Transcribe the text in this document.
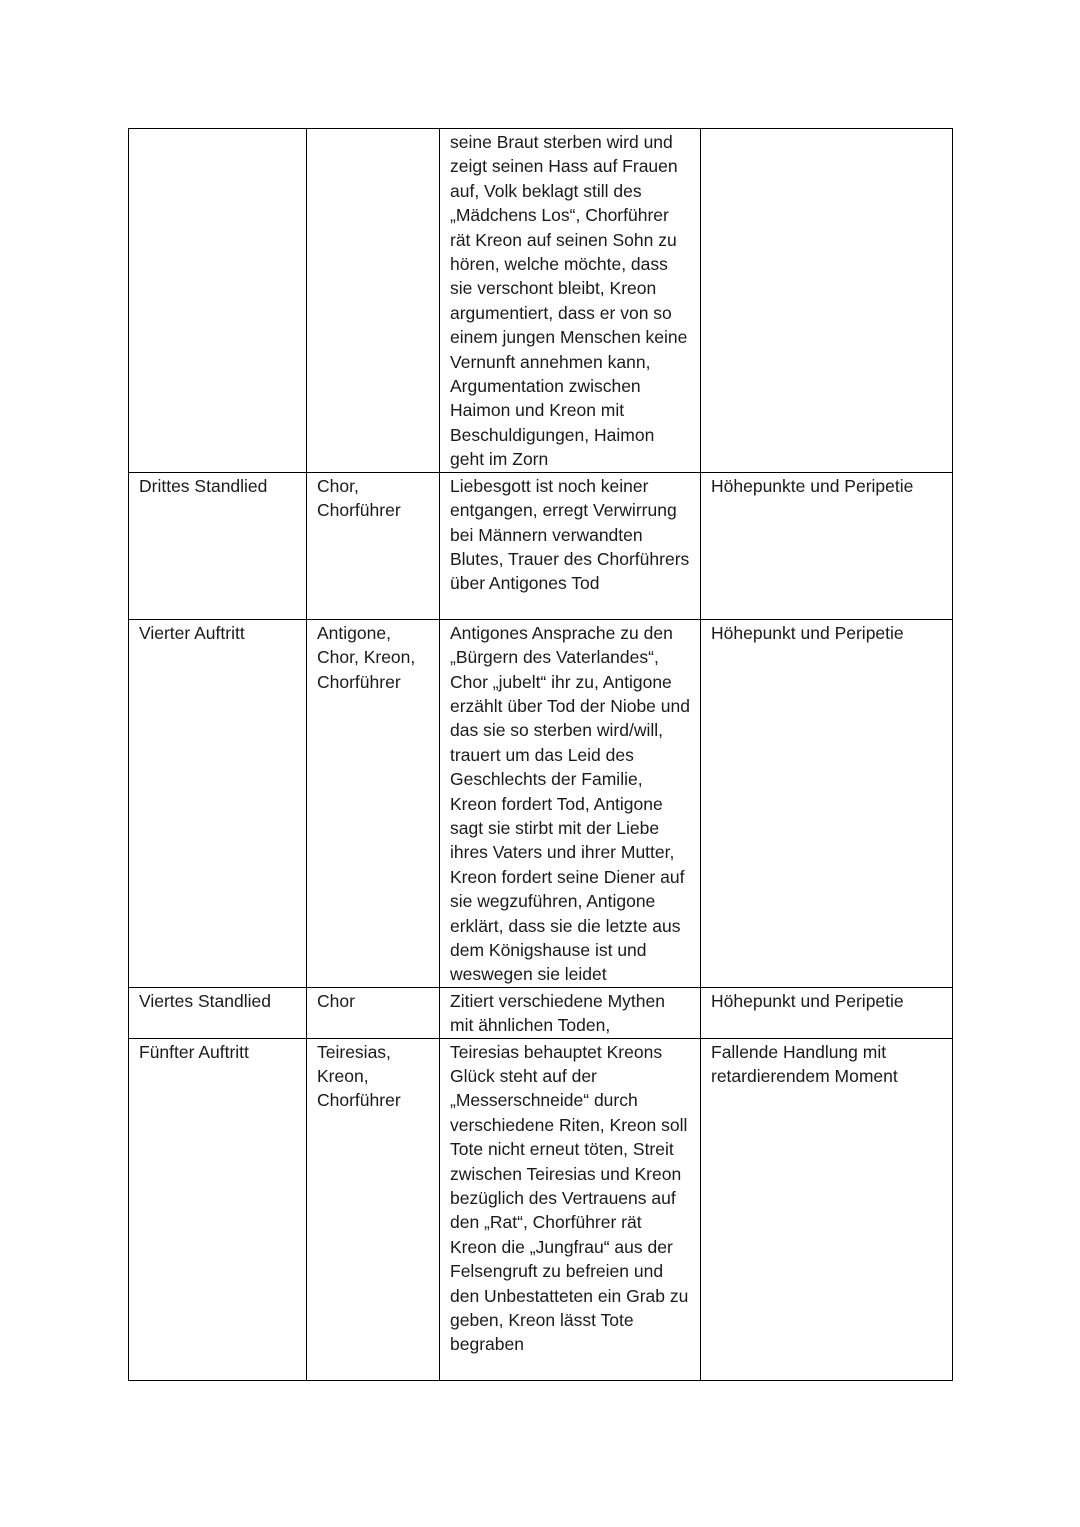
		seine Braut sterben wird und zeigt seinen Hass auf Frauen auf, Volk beklagt still des „Mädchens Los“, Chorführer rät Kreon auf seinen Sohn zu hören, welche möchte, dass sie verschont bleibt, Kreon argumentiert, dass er von so einem jungen Menschen keine Vernunft annehmen kann, Argumentation zwischen Haimon und Kreon mit Beschuldigungen, Haimon geht im Zorn	
Drittes Standlied	Chor, Chorführer	Liebesgott ist noch keiner entgangen, erregt Verwirrung bei Männern verwandten Blutes, Trauer des Chorführers über Antigones Tod	Höhepunkte und Peripetie
Vierter Auftritt	Antigone, Chor, Kreon, Chorführer	Antigones Ansprache zu den „Bürgern des Vaterlandes“, Chor „jubelt“ ihr zu, Antigone erzählt über Tod der Niobe und das sie so sterben wird/will, trauert um das Leid des Geschlechts der Familie, Kreon fordert Tod, Antigone sagt sie stirbt mit der Liebe ihres Vaters und ihrer Mutter, Kreon fordert seine Diener auf sie wegzuführen, Antigone erklärt, dass sie die letzte aus dem Königshause ist und weswegen sie leidet	Höhepunkt und Peripetie
Viertes Standlied	Chor	Zitiert verschiedene Mythen mit ähnlichen Toden,	Höhepunkt und Peripetie
Fünfter Auftritt	Teiresias, Kreon, Chorführer	Teiresias behauptet Kreons Glück steht auf der „Messerschneide“ durch verschiedene Riten, Kreon soll Tote nicht erneut töten, Streit zwischen Teiresias und Kreon bezüglich des Vertrauens auf den „Rat“, Chorführer rät Kreon die „Jungfrau“ aus der Felsengruft zu befreien und den Unbestatteten ein Grab zu geben, Kreon lässt Tote begraben	Fallende Handlung mit retardierendem Moment
